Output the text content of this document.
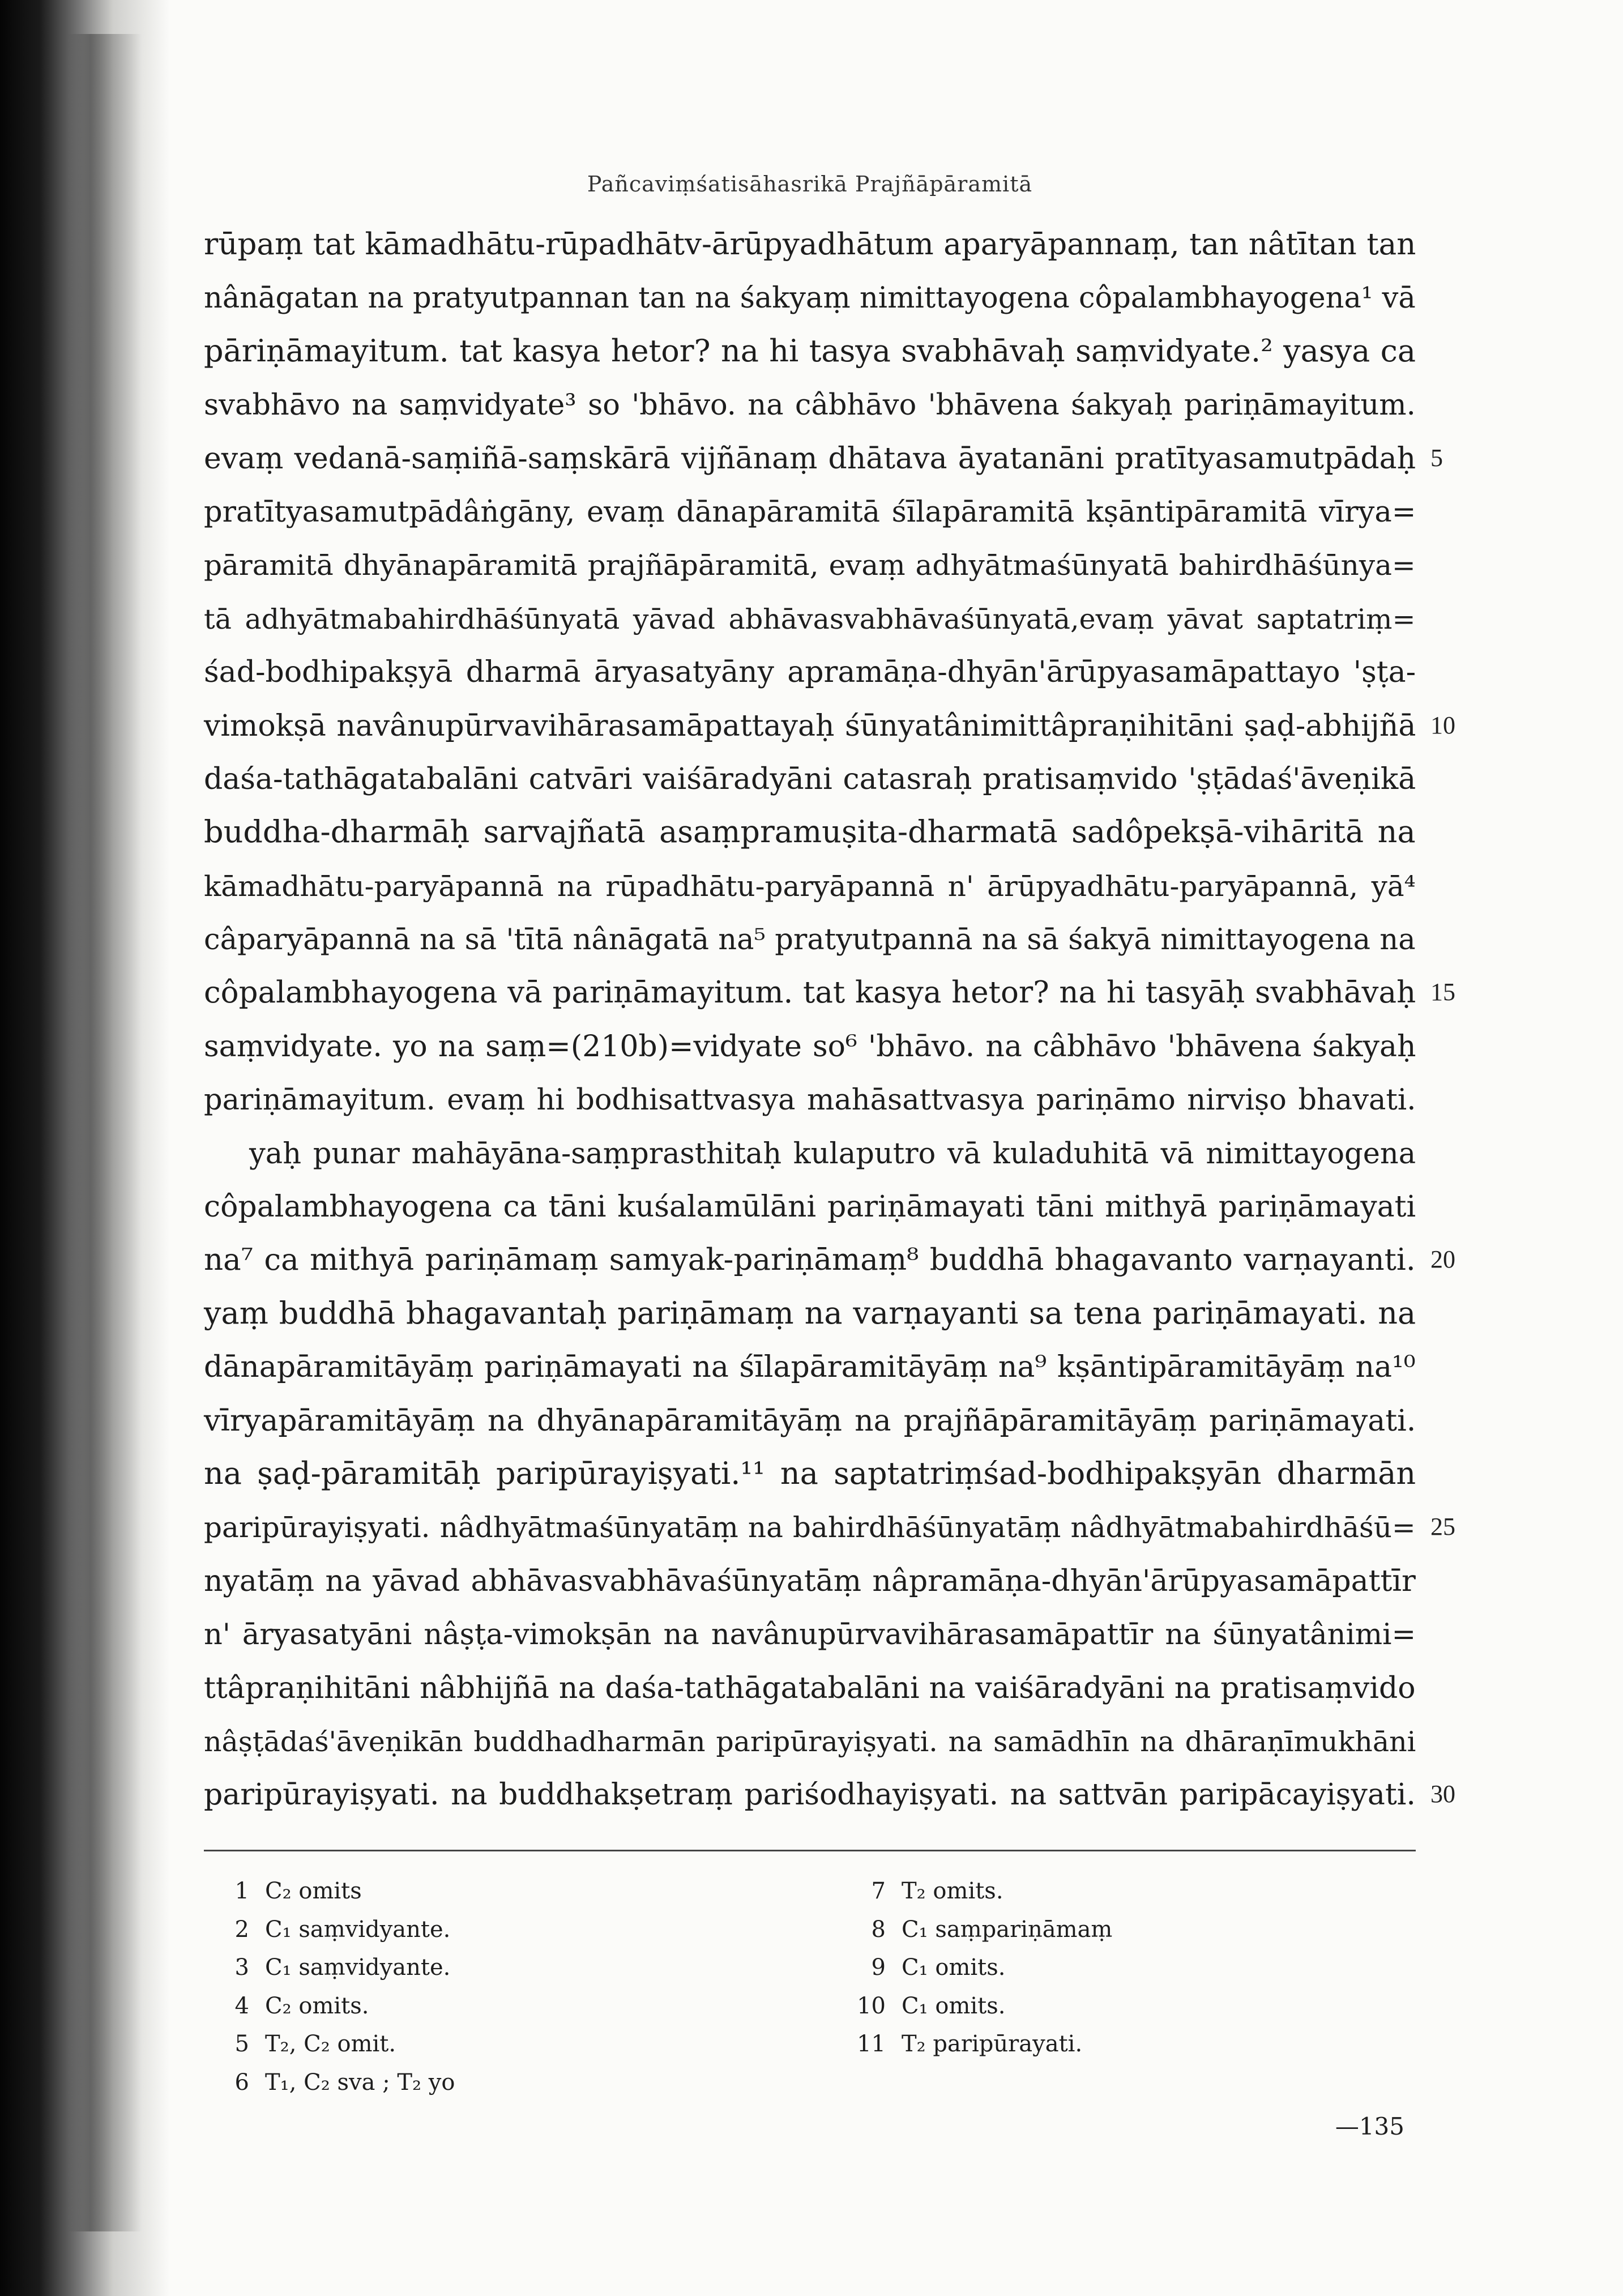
Pañcaviṃśatisāhasrikā Prajñāpāramitā
rūpaṃ tat kāmadhātu-rūpadhātv-ārūpyadhātum aparyāpannaṃ, tan nâtītan tan
nânāgatan na pratyutpannan tan na śakyaṃ nimittayogena côpalambhayogena¹ vā
pāriṇāmayitum. tat kasya hetor? na hi tasya svabhāvaḥ saṃvidyate.² yasya ca
svabhāvo na saṃvidyate³ so 'bhāvo. na câbhāvo 'bhāvena śakyaḥ pariṇāmayitum.
evaṃ vedanā-saṃiñā-saṃskārā vijñānaṃ dhātava āyatanāni pratītyasamutpādaḥ 5
pratītyasamutpādâṅgāny, evaṃ dānapāramitā śīlapāramitā kṣāntipāramitā vīrya=
pāramitā dhyānapāramitā prajñāpāramitā, evaṃ adhyātmaśūnyatā bahirdhāśūnya=
tā adhyātmabahirdhāśūnyatā yāvad abhāvasvabhāvaśūnyatā,evaṃ yāvat saptatriṃ=
śad-bodhipakṣyā dharmā āryasatyāny apramāṇa-dhyān'ārūpyasamāpattayo 'ṣṭa-
vimokṣā navânupūrvavihārasamāpattayaḥ śūnyatânimittâpraṇihitāni ṣaḍ-abhijñā 10
daśa-tathāgatabalāni catvāri vaiśāradyāni catasraḥ pratisaṃvido 'ṣṭādaś'āveṇikā
buddha-dharmāḥ sarvajñatā asaṃpramuṣita-dharmatā sadôpekṣā-vihāritā na
kāmadhātu-paryāpannā na rūpadhātu-paryāpannā n' ārūpyadhātu-paryāpannā, yā⁴
câparyāpannā na sā 'tītā nânāgatā na⁵ pratyutpannā na sā śakyā nimittayogena na
côpalambhayogena vā pariṇāmayitum. tat kasya hetor? na hi tasyāḥ svabhāvaḥ 15
saṃvidyate. yo na saṃ=(210b)=vidyate so⁶ 'bhāvo. na câbhāvo 'bhāvena śakyaḥ
pariṇāmayitum. evaṃ hi bodhisattvasya mahāsattvasya pariṇāmo nirviṣo bhavati.
yaḥ punar mahāyāna-saṃprasthitaḥ kulaputro vā kuladuhitā vā nimittayogena
côpalambhayogena ca tāni kuśalamūlāni pariṇāmayati tāni mithyā pariṇāmayati
na⁷ ca mithyā pariṇāmaṃ samyak-pariṇāmaṃ⁸ buddhā bhagavanto varṇayanti. 20
yaṃ buddhā bhagavantaḥ pariṇāmaṃ na varṇayanti sa tena pariṇāmayati. na
dānapāramitāyāṃ pariṇāmayati na śīlapāramitāyāṃ na⁹ kṣāntipāramitāyāṃ na¹⁰
vīryapāramitāyāṃ na dhyānapāramitāyāṃ na prajñāpāramitāyāṃ pariṇāmayati.
na ṣaḍ-pāramitāḥ paripūrayiṣyati.¹¹ na saptatriṃśad-bodhipakṣyān dharmān
paripūrayiṣyati. nâdhyātmaśūnyatāṃ na bahirdhāśūnyatāṃ nâdhyātmabahirdhāśū= 25
nyatāṃ na yāvad abhāvasvabhāvaśūnyatāṃ nâpramāṇa-dhyān'ārūpyasamāpattīr
n' āryasatyāni nâṣṭa-vimokṣān na navânupūrvavihārasamāpattīr na śūnyatânimi=
ttâpraṇihitāni nâbhijñā na daśa-tathāgatabalāni na vaiśāradyāni na pratisaṃvido
nâṣṭādaś'āveṇikān buddhadharmān paripūrayiṣyati. na samādhīn na dhāraṇīmukhāni
paripūrayiṣyati. na buddhakṣetraṃ pariśodhayiṣyati. na sattvān paripācayiṣyati. 30
1 C₂ omits
2 C₁ saṃvidyante.
3 C₁ saṃvidyante.
4 C₂ omits.
5 T₂, C₂ omit.
6 T₁, C₂ sva ; T₂ yo
7 T₂ omits.
8 C₁ saṃpariṇāmaṃ
9 C₁ omits.
10 C₁ omits.
11 T₂ paripūrayati.
—135
